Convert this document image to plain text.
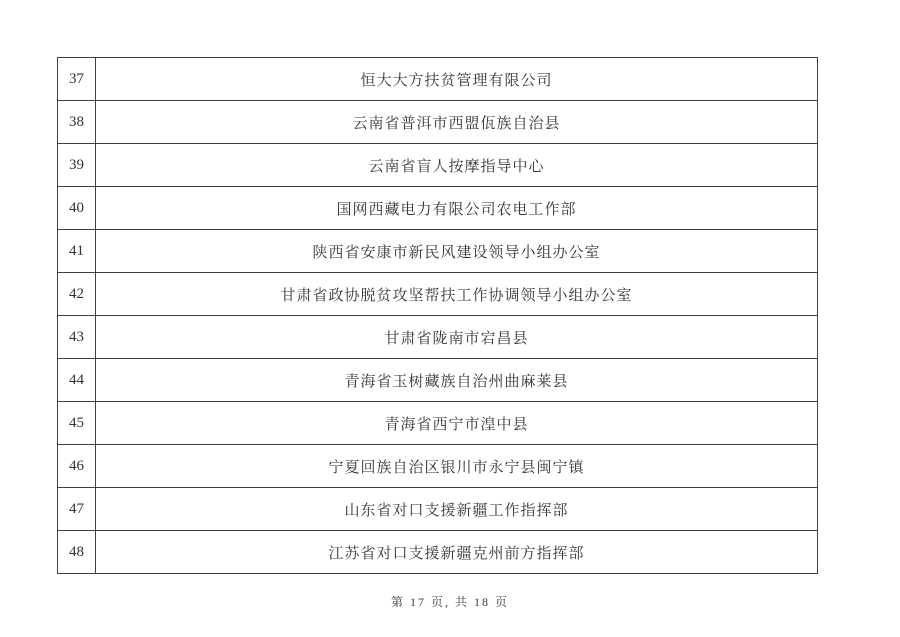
37	恒大大方扶贫管理有限公司
38	云南省普洱市西盟佤族自治县
39	云南省盲人按摩指导中心
40	国网西藏电力有限公司农电工作部
41	陕西省安康市新民风建设领导小组办公室
42	甘肃省政协脱贫攻坚帮扶工作协调领导小组办公室
43	甘肃省陇南市宕昌县
44	青海省玉树藏族自治州曲麻莱县
45	青海省西宁市湟中县
46	宁夏回族自治区银川市永宁县闽宁镇
47	山东省对口支援新疆工作指挥部
48	江苏省对口支援新疆克州前方指挥部
第 17 页, 共 18 页
